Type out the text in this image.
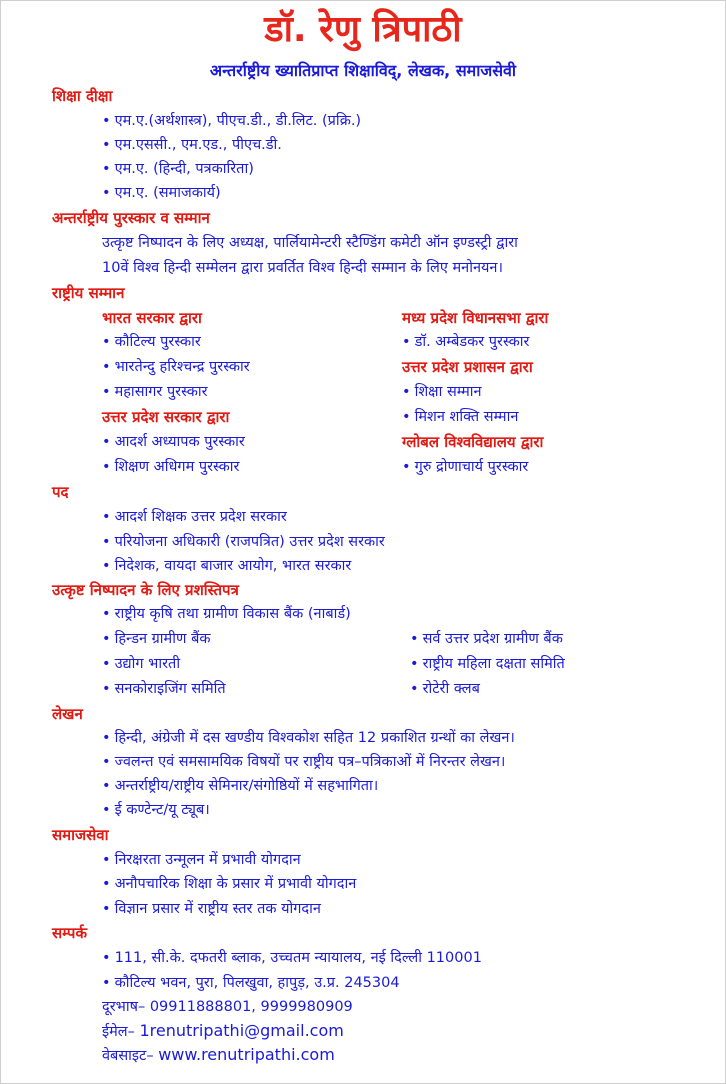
डॉ. रेणु त्रिपाठी
अन्तर्राष्ट्रीय ख्यातिप्राप्त शिक्षाविद्, लेखक, समाजसेवी
शिक्षा दीक्षा
• एम.ए.(अर्थशास्त्र), पीएच.डी., डी.लिट. (प्रक्रि.)
• एम.एससी., एम.एड., पीएच.डी.
• एम.ए. (हिन्दी, पत्रकारिता)
• एम.ए. (समाजकार्य)
अन्तर्राष्ट्रीय पुरस्कार व सम्मान
उत्कृष्ट निष्पादन के लिए अध्यक्ष, पार्लियामेन्टरी स्टैण्डिंग कमेटी ऑन इण्डस्ट्री द्वारा
10वें विश्व हिन्दी सम्मेलन द्वारा प्रवर्तित विश्व हिन्दी सम्मान के लिए मनोनयन।
राष्ट्रीय सम्मान
भारत सरकार द्वारा
• कौटिल्य पुरस्कार
• भारतेन्दु हरिश्चन्द्र पुरस्कार
• महासागर पुरस्कार
उत्तर प्रदेश सरकार द्वारा
• आदर्श अध्यापक पुरस्कार
• शिक्षण अधिगम पुरस्कार
मध्य प्रदेश विधानसभा द्वारा
• डॉ. अम्बेडकर पुरस्कार
उत्तर प्रदेश प्रशासन द्वारा
• शिक्षा सम्मान
• मिशन शक्ति सम्मान
ग्लोबल विश्वविद्यालय द्वारा
• गुरु द्रोणाचार्य पुरस्कार
पद
• आदर्श शिक्षक उत्तर प्रदेश सरकार
• परियोजना अधिकारी (राजपत्रित) उत्तर प्रदेश सरकार
• निदेशक, वायदा बाजार आयोग, भारत सरकार
उत्कृष्ट निष्पादन के लिए प्रशस्तिपत्र
• राष्ट्रीय कृषि तथा ग्रामीण विकास बैंक (नाबार्ड)
• हिन्डन ग्रामीण बैंक
• उद्योग भारती
• सनकोराइजिंग समिति
• सर्व उत्तर प्रदेश ग्रामीण बैंक
• राष्ट्रीय महिला दक्षता समिति
• रोटेरी क्लब
लेखन
• हिन्दी, अंग्रेजी में दस खण्डीय विश्वकोश सहित 12 प्रकाशित ग्रन्थों का लेखन।
• ज्वलन्त एवं समसामयिक विषयों पर राष्ट्रीय पत्र–पत्रिकाओं में निरन्तर लेखन।
• अन्तर्राष्ट्रीय/राष्ट्रीय सेमिनार/संगोष्ठियों में सहभागिता।
• ई कण्टेन्ट/यू ट्यूब।
समाजसेवा
• निरक्षरता उन्मूलन में प्रभावी योगदान
• अनौपचारिक शिक्षा के प्रसार में प्रभावी योगदान
• विज्ञान प्रसार में राष्ट्रीय स्तर तक योगदान
सम्पर्क
• 111, सी.के. दफतरी ब्लाक, उच्चतम न्यायालय, नई दिल्ली 110001
• कौटिल्य भवन, पुरा, पिलखुवा, हापुड़, उ.प्र. 245304
दूरभाष– 09911888801, 9999980909
ईमेल– 1renutripathi@gmail.com
वेबसाइट– www.renutripathi.com
